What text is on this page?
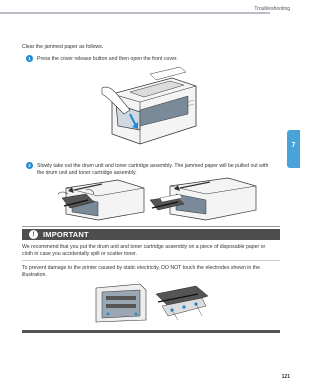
Troubleshooting
7
Clear the jammed paper as follows.
1	Press the cover release button and then open the front cover.
2	Slowly take out the drum unit and toner cartridge assembly. The jammed paper will be pulled out with
the drum unit and toner cartridge assembly.
!	IMPORTANT
We recommend that you put the drum unit and toner cartridge assembly on a piece of disposable paper or
cloth in case you accidentally spill or scatter toner.
To prevent damage to the printer caused by static electricity, DO NOT touch the electrodes shown in the
illustration.
121
